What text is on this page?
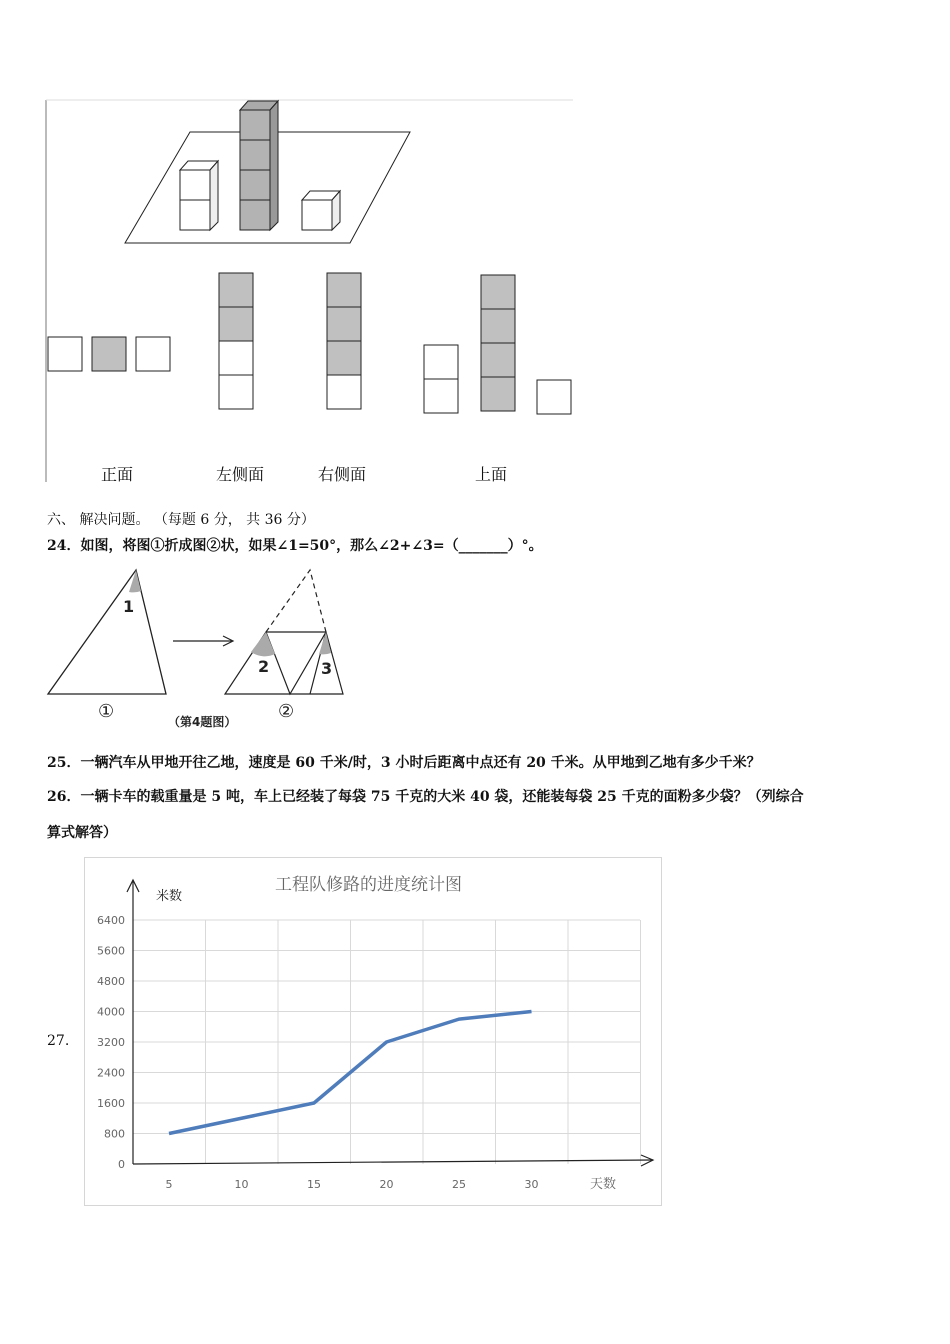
正面	左侧面	右侧面	上面
六、 解决问题。 （每题 6 分， 共 36 分）
24．如图，将图①折成图②状，如果∠1=50°，那么∠2+∠3=（_______）°。
1
2	3
①	②
（第4题图）
25．一辆汽车从甲地开往乙地，速度是 60 千米/时，3 小时后距离中点还有 20 千米。从甲地到乙地有多少千米？
26．一辆卡车的载重量是 5 吨，车上已经装了每袋 75 千克的大米 40 袋，还能装每袋 25 千克的面粉多少袋？（列综合
算式解答）
27.
工程队修路的进度统计图
米数
天数
0
800
1600
2400
3200
4000
4800
5600
6400
5	10	15	20	25	30
